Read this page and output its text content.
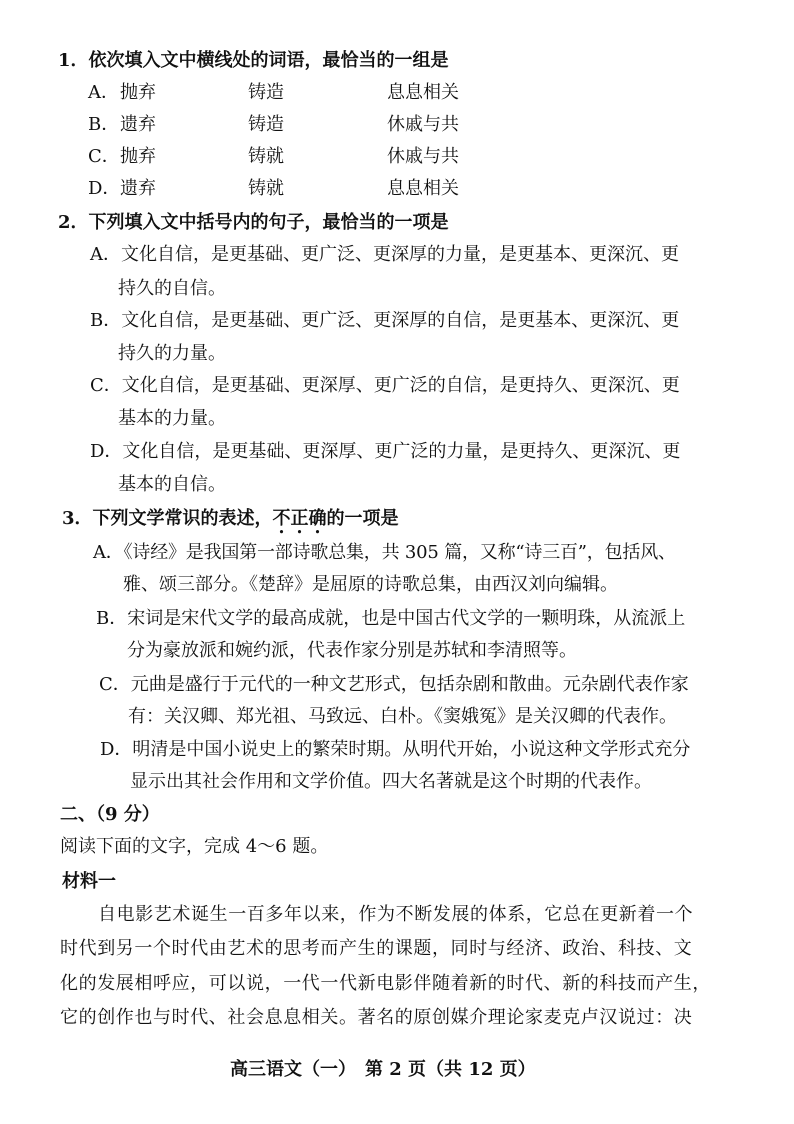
1．依次填入文中横线处的词语，最恰当的一组是
A． 抛弃	铸造	息息相关
B． 遗弃	铸造	休戚与共
C． 抛弃	铸就	休戚与共
D． 遗弃	铸就	息息相关
2．下列填入文中括号内的句子，最恰当的一项是
A．文化自信，是更基础、更广泛、更深厚的力量，是更基本、更深沉、更
持久的自信。
B．文化自信，是更基础、更广泛、更深厚的自信，是更基本、更深沉、更
持久的力量。
C．文化自信，是更基础、更深厚、更广泛的自信，是更持久、更深沉、更
基本的力量。
D．文化自信，是更基础、更深厚、更广泛的力量，是更持久、更深沉、更
基本的自信。
3．下列文学常识的表述，不正确的一项是
A．《诗经》是我国第一部诗歌总集，共 305 篇，又称“诗三百”，包括风、
雅、颂三部分。《楚辞》是屈原的诗歌总集，由西汉刘向编辑。
B．宋词是宋代文学的最高成就，也是中国古代文学的一颗明珠，从流派上
分为豪放派和婉约派，代表作家分别是苏轼和李清照等。
C．元曲是盛行于元代的一种文艺形式，包括杂剧和散曲。元杂剧代表作家
有：关汉卿、郑光祖、马致远、白朴。《窦娥冤》是关汉卿的代表作。
D．明清是中国小说史上的繁荣时期。从明代开始，小说这种文学形式充分
显示出其社会作用和文学价值。四大名著就是这个时期的代表作。
二、（9 分）
阅读下面的文字，完成 4～6 题。
材料一
自电影艺术诞生一百多年以来，作为不断发展的体系，它总在更新着一个
时代到另一个时代由艺术的思考而产生的课题，同时与经济、政治、科技、文
化的发展相呼应，可以说，一代一代新电影伴随着新的时代、新的科技而产生，
它的创作也与时代、社会息息相关。著名的原创媒介理论家麦克卢汉说过：决
高三语文（一）　第 2 页（共 12 页）
